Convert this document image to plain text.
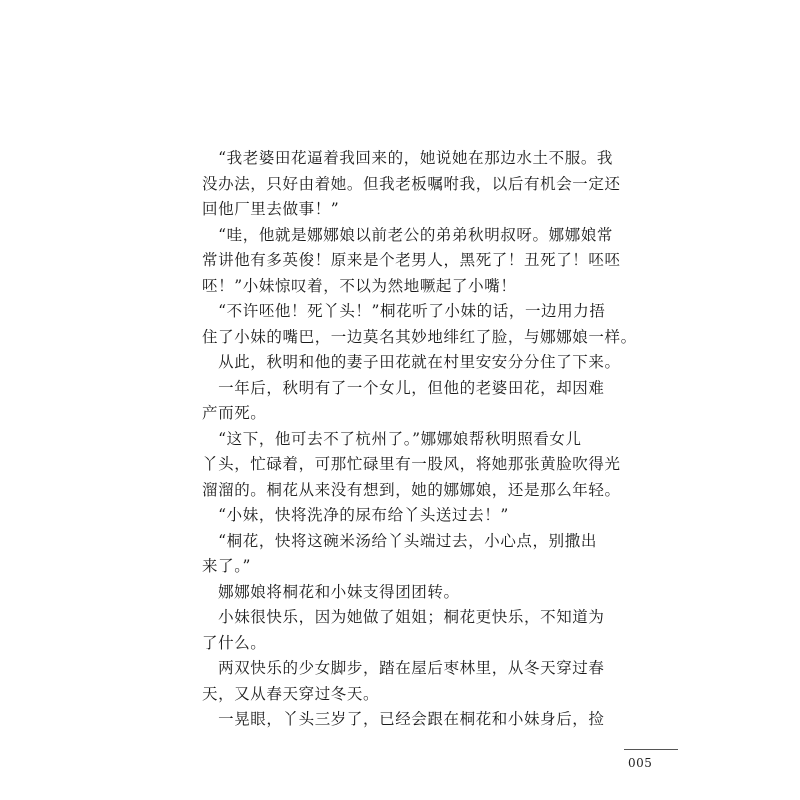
　“我老婆田花逼着我回来的，她说她在那边水土不服。我
没办法，只好由着她。但我老板嘱咐我，以后有机会一定还
回他厂里去做事！”
　“哇，他就是娜娜娘以前老公的弟弟秋明叔呀。娜娜娘常
常讲他有多英俊！原来是个老男人，黑死了！丑死了！呸呸
呸！”小妹惊叹着，不以为然地噘起了小嘴！
　“不许呸他！死丫头！”桐花听了小妹的话，一边用力捂
住了小妹的嘴巴，一边莫名其妙地绯红了脸，与娜娜娘一样。
　从此，秋明和他的妻子田花就在村里安安分分住了下来。
　一年后，秋明有了一个女儿，但他的老婆田花，却因难
产而死。
　“这下，他可去不了杭州了。”娜娜娘帮秋明照看女儿
丫头，忙碌着，可那忙碌里有一股风，将她那张黄脸吹得光
溜溜的。桐花从来没有想到，她的娜娜娘，还是那么年轻。
　“小妹，快将洗净的尿布给丫头送过去！”
　“桐花，快将这碗米汤给丫头端过去，小心点，别撒出
来了。”
　娜娜娘将桐花和小妹支得团团转。
　小妹很快乐，因为她做了姐姐；桐花更快乐，不知道为
了什么。
　两双快乐的少女脚步，踏在屋后枣林里，从冬天穿过春
天，又从春天穿过冬天。
　一晃眼，丫头三岁了，已经会跟在桐花和小妹身后，捡
005
